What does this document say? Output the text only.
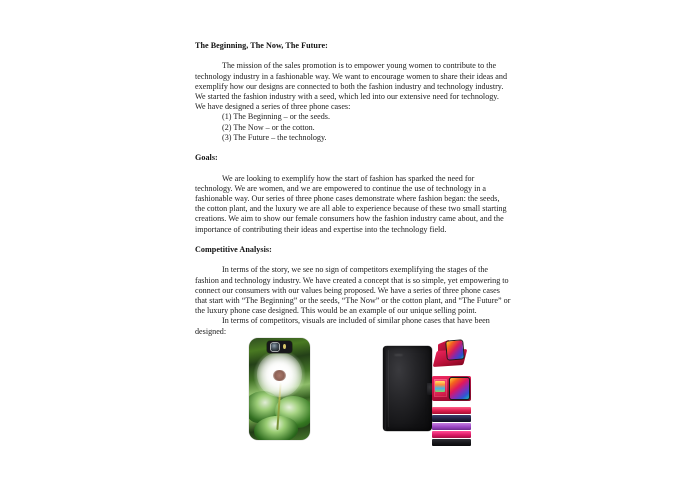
The Beginning, The Now, The Future:

The mission of the sales promotion is to empower young women to contribute to the technology industry in a fashionable way. We want to encourage women to share their ideas and exemplify how our designs are connected to both the fashion industry and technology industry. We started the fashion industry with a seed, which led into our extensive need for technology. We have designed a series of three phone cases:

(1) The Beginning – or the seeds.
(2) The Now – or the cotton.
(3) The Future – the technology.

Goals:

We are looking to exemplify how the start of fashion has sparked the need for technology. We are women, and we are empowered to continue the use of technology in a fashionable way. Our series of three phone cases demonstrate where fashion began: the seeds, the cotton plant, and the luxury we are all able to experience because of these two small starting creations. We aim to show our female consumers how the fashion industry came about, and the importance of contributing their ideas and expertise into the technology field.

Competitive Analysis:

In terms of the story, we see no sign of competitors exemplifying the stages of the fashion and technology industry. We have created a concept that is so simple, yet empowering to connect our consumers with our values being proposed. We have a series of three phone cases that start with “The Beginning” or the seeds, “The Now” or the cotton plant, and “The Future” or the luxury phone case designed. This would be an example of our unique selling point.

In terms of competitors, visuals are included of similar phone cases that have been designed:
